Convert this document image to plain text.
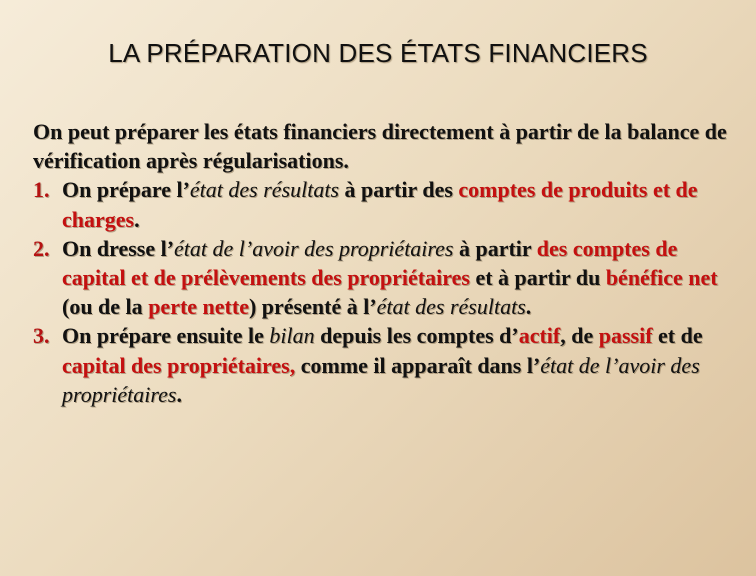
LA PRÉPARATION DES ÉTATS FINANCIERS

On peut préparer les états financiers directement à partir de la balance de vérification après régularisations.

1. On prépare l’état des résultats à partir des comptes de produits et de charges.
2. On dresse l’état de l’avoir des propriétaires à partir des comptes de capital et de prélèvements des propriétaires et à partir du bénéfice net (ou de la perte nette) présenté à l’état des résultats.
3. On prépare ensuite le bilan depuis les comptes d’actif, de passif et de capital des propriétaires, comme il apparaît dans l’état de l’avoir des propriétaires.
